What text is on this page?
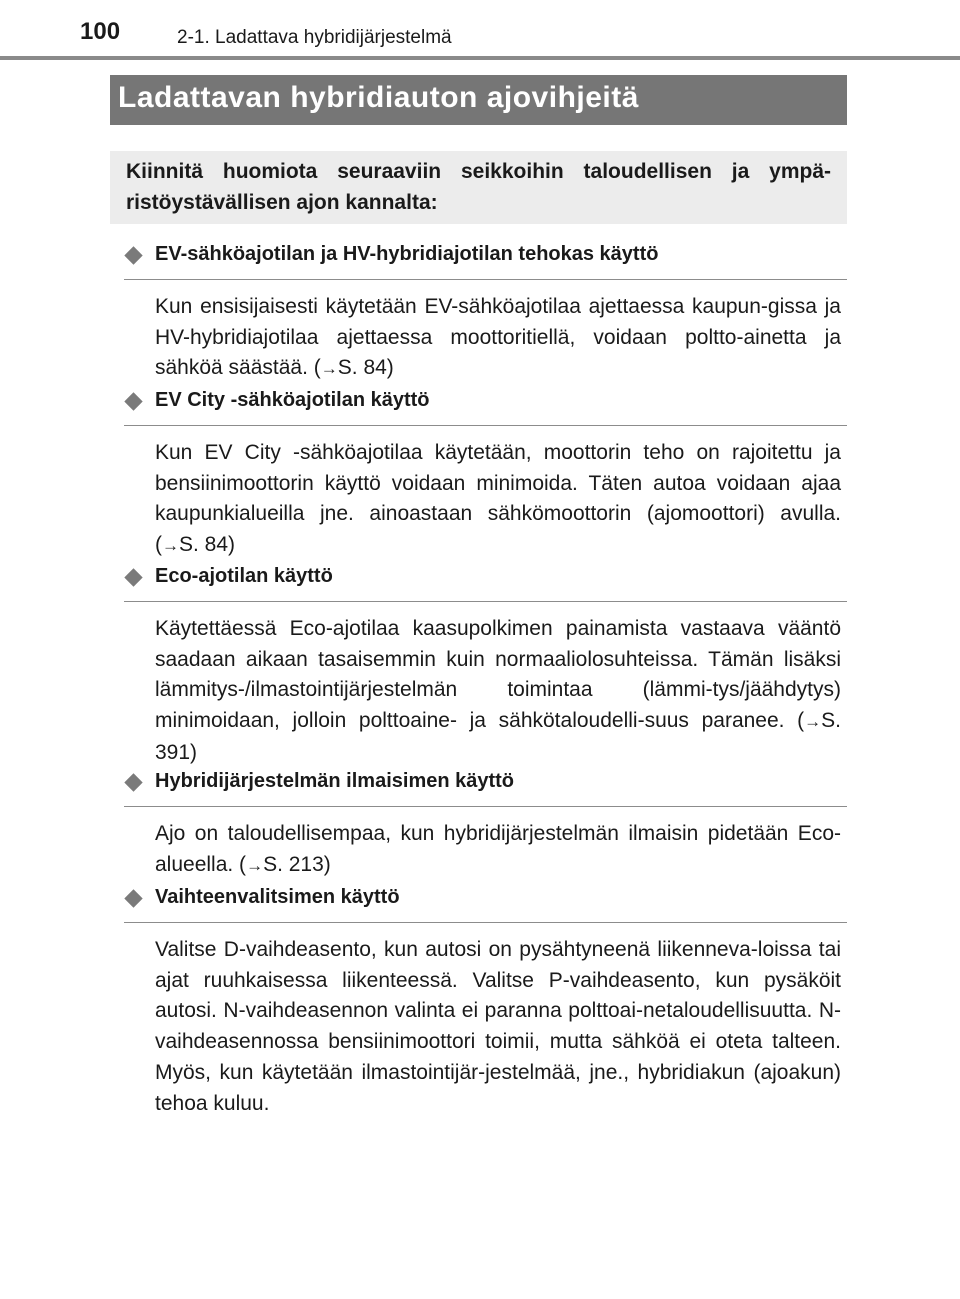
100	2-1. Ladattava hybridijärjestelmä
Ladattavan hybridiauton ajovihjeitä
Kiinnitä huomiota seuraaviin seikkoihin taloudellisen ja ympä-ristöystävällisen ajon kannalta:
EV-sähköajotilan ja HV-hybridiajotilan tehokas käyttö
Kun ensisijaisesti käytetään EV-sähköajotilaa ajettaessa kaupun-gissa ja HV-hybridiajotilaa ajettaessa moottoritiellä, voidaan poltto-ainetta ja sähköä säästää. (→S. 84)
EV City -sähköajotilan käyttö
Kun EV City -sähköajotilaa käytetään, moottorin teho on rajoitettu ja bensiinimoottorin käyttö voidaan minimoida. Täten autoa voidaan ajaa kaupunkialueilla jne. ainoastaan sähkömoottorin (ajomoottori) avulla. (→S. 84)
Eco-ajotilan käyttö
Käytettäessä Eco-ajotilaa kaasupolkimen painamista vastaava vääntö saadaan aikaan tasaisemmin kuin normaaliolosuhteissa. Tämän lisäksi lämmitys-/ilmastointijärjestelmän toimintaa (lämmi-tys/jäähdytys) minimoidaan, jolloin polttoaine- ja sähkötaloudelli-suus paranee. (→S. 391)
Hybridijärjestelmän ilmaisimen käyttö
Ajo on taloudellisempaa, kun hybridijärjestelmän ilmaisin pidetään Eco-alueella. (→S. 213)
Vaihteenvalitsimen käyttö
Valitse D-vaihdeasento, kun autosi on pysähtyneenä liikenneva-loissa tai ajat ruuhkaisessa liikenteessä. Valitse P-vaihdeasento, kun pysäköit autosi. N-vaihdeasennon valinta ei paranna polttoai-netaloudellisuutta. N-vaihdeasennossa bensiinimoottori toimii, mutta sähköä ei oteta talteen. Myös, kun käytetään ilmastointijär-jestelmää, jne., hybridiakun (ajoakun) tehoa kuluu.
